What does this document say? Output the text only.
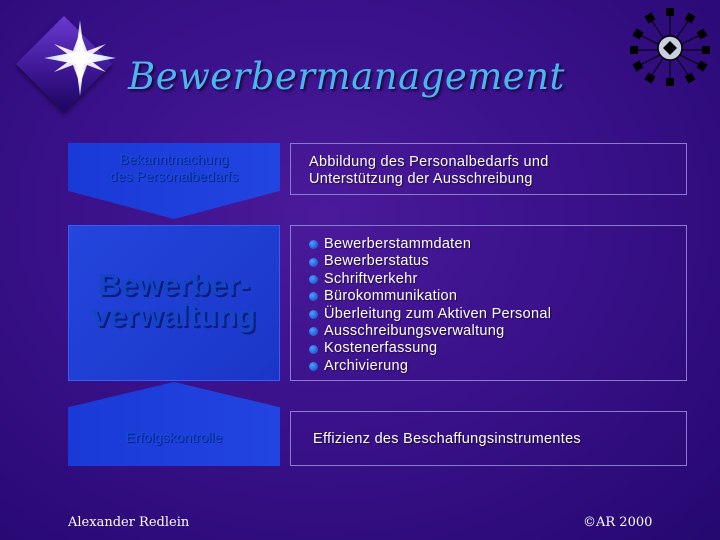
Bewerbermanagement
Bekanntmachung
des Personalbedarfs
Bewerber-
verwaltung
Erfolgskontrolle
Abbildung des Personalbedarfs und
Unterstützung der Ausschreibung
Bewerberstammdaten
Bewerberstatus
Schriftverkehr
Bürokommunikation
Überleitung zum Aktiven Personal
Ausschreibungsverwaltung
Kostenerfassung
Archivierung
Effizienz des Beschaffungsinstrumentes
Alexander Redlein	©AR 2000
